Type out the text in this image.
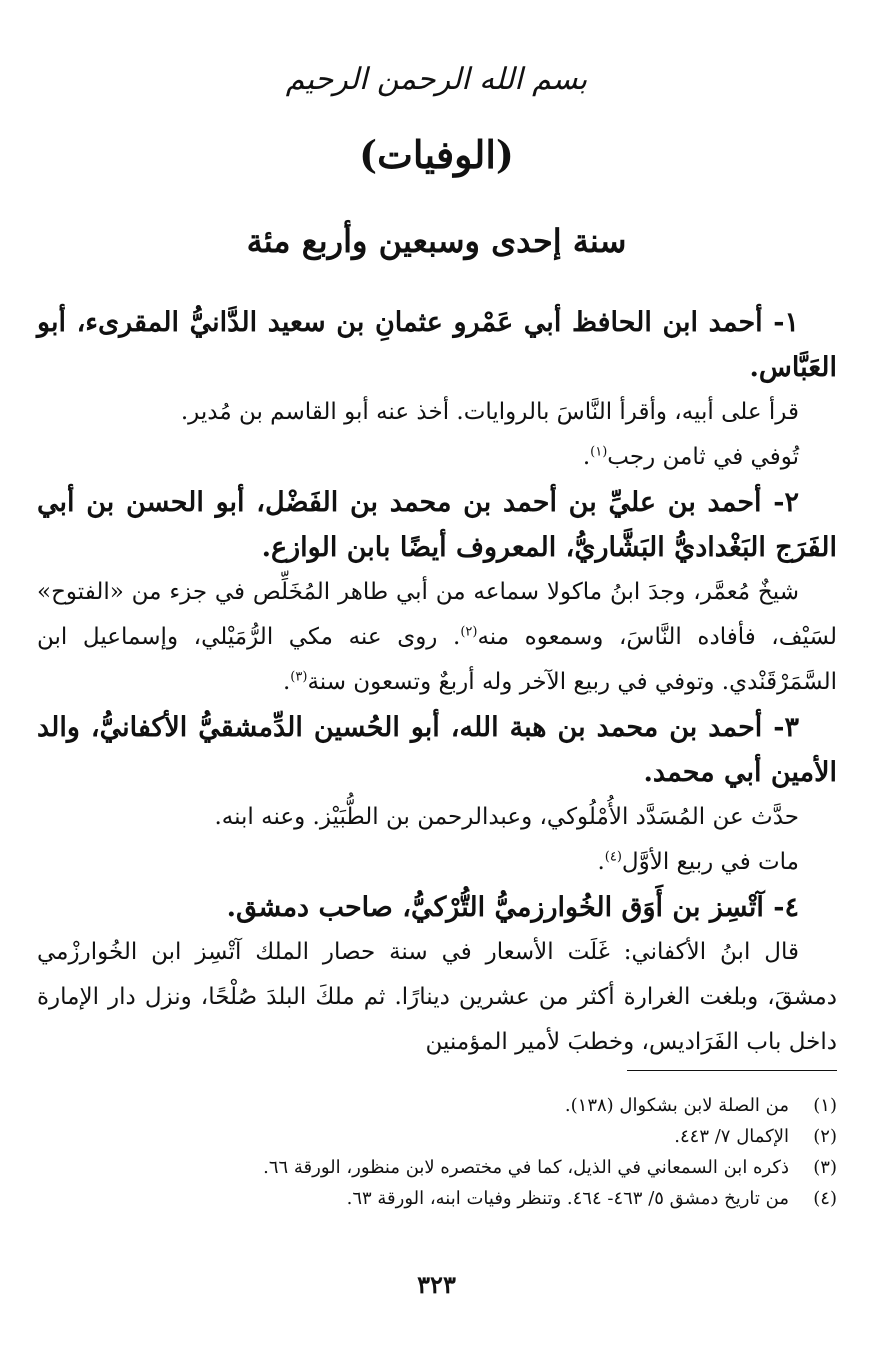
بسم الله الرحمن الرحيم
(الوفيات)
سنة إحدى وسبعين وأربع مئة

١- أحمد ابن الحافظ أبي عَمْرو عثمانِ بن سعيد الدَّانيُّ المقرىء، أبو العَبَّاس.

قرأ على أبيه، وأقرأ النَّاسَ بالروايات. أخذ عنه أبو القاسم بن مُدير.

تُوفي في ثامن رجب$^{(١)}$.

٢- أحمد بن عليِّ بن أحمد بن محمد بن الفَضْل، أبو الحسن بن أبي الفَرَج البَغْداديُّ البَشَّاريُّ، المعروف أيضًا بابن الوازع.

شيخٌ مُعمَّر، وجدَ ابنُ ماكولا سماعه من أبي طاهر المُخَلِّص في جزء من «الفتوح» لسَيْف، فأفاده النَّاسَ، وسمعوه منه$^{(٢)}$. روى عنه مكي الرُّمَيْلي، وإسماعيل ابن السَّمَرْقَنْدي. وتوفي في ربيع الآخر وله أربعٌ وتسعون سنة$^{(٣)}$.

٣- أحمد بن محمد بن هبة الله، أبو الحُسين الدِّمشقيُّ الأكفانيُّ، والد الأمين أبي محمد.

حدَّث عن المُسَدَّد الأُمْلُوكي، وعبدالرحمن بن الطُّبَيْز. وعنه ابنه.

مات في ربيع الأوَّل$^{(٤)}$.

٤- آتْسِز بن أَوَق الخُوارزميُّ التُّرْكيُّ، صاحب دمشق.

قال ابنُ الأكفاني: غَلَت الأسعار في سنة حصار الملك آتْسِز ابن الخُوارزْمي دمشقَ، وبلغت الغرارة أكثر من عشرين دينارًا. ثم ملكَ البلدَ صُلْحًا، ونزل دار الإمارة داخل باب الفَرَاديس، وخطبَ لأمير المؤمنين

(١)
من الصلة لابن بشكوال (١٣٨).
(٢)
الإكمال ٧/ ٤٤٣.
(٣)
ذكره ابن السمعاني في الذيل، كما في مختصره لابن منظور، الورقة ٦٦.
(٤)
من تاريخ دمشق ٥/ ٤٦٣- ٤٦٤. وتنظر وفيات ابنه، الورقة ٦٣.
٣٢٣
